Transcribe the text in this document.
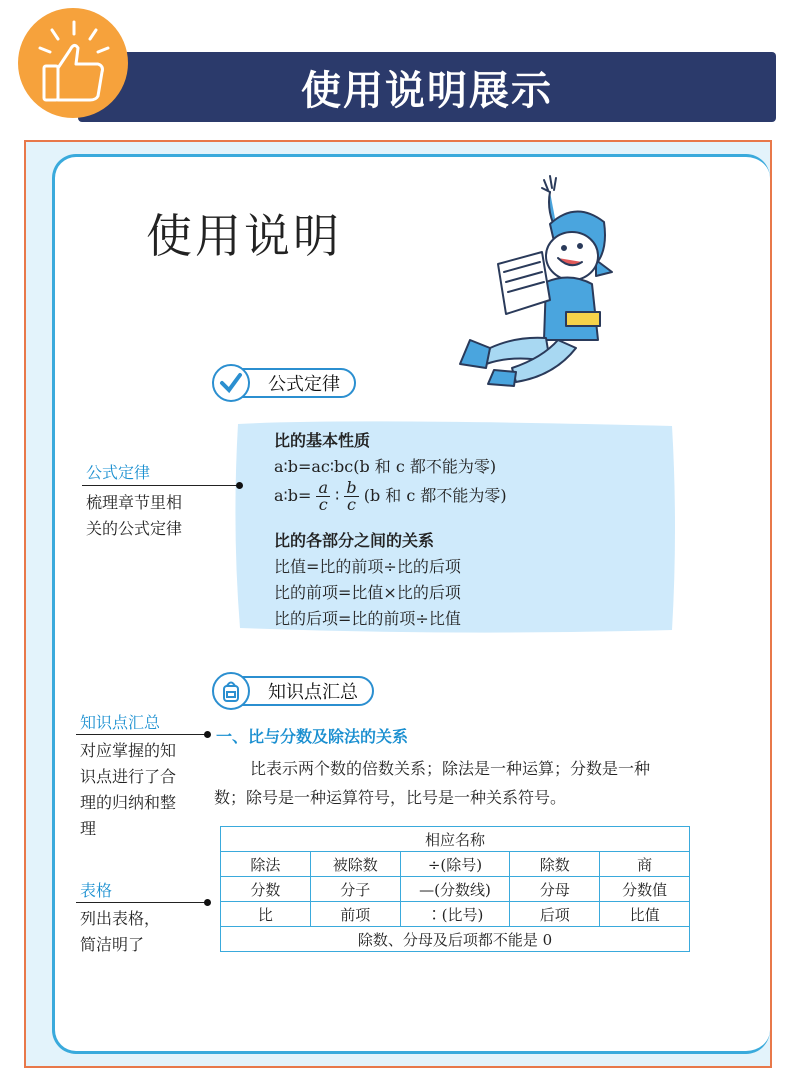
使用说明展示
使用说明
公式定律
比的基本性质
a∶b=ac∶bc(b 和 c 都不能为零)
a∶b= $\frac{a}{c}$ ∶ $\frac{b}{c} (b$ 和 c 都不能为零)
比的各部分之间的关系
比值=比的前项÷比的后项
比的前项=比值×比的后项
比的后项=比的前项÷比值
公式定律
梳理章节里相
关的公式定律
知识点汇总
知识点汇总
对应掌握的知
识点进行了合
理的归纳和整
理
一、比与分数及除法的关系
比表示两个数的倍数关系；除法是一种运算；分数是一种
数；除号是一种运算符号，比号是一种关系符号。
表格
列出表格，
简洁明了
相应名称				
除法	被除数	÷(除号)	除数	商
分数	分子	—(分数线)	分母	分数值
比	前项	∶(比号)	后项	比值
除数、分母及后项都不能是 0				
